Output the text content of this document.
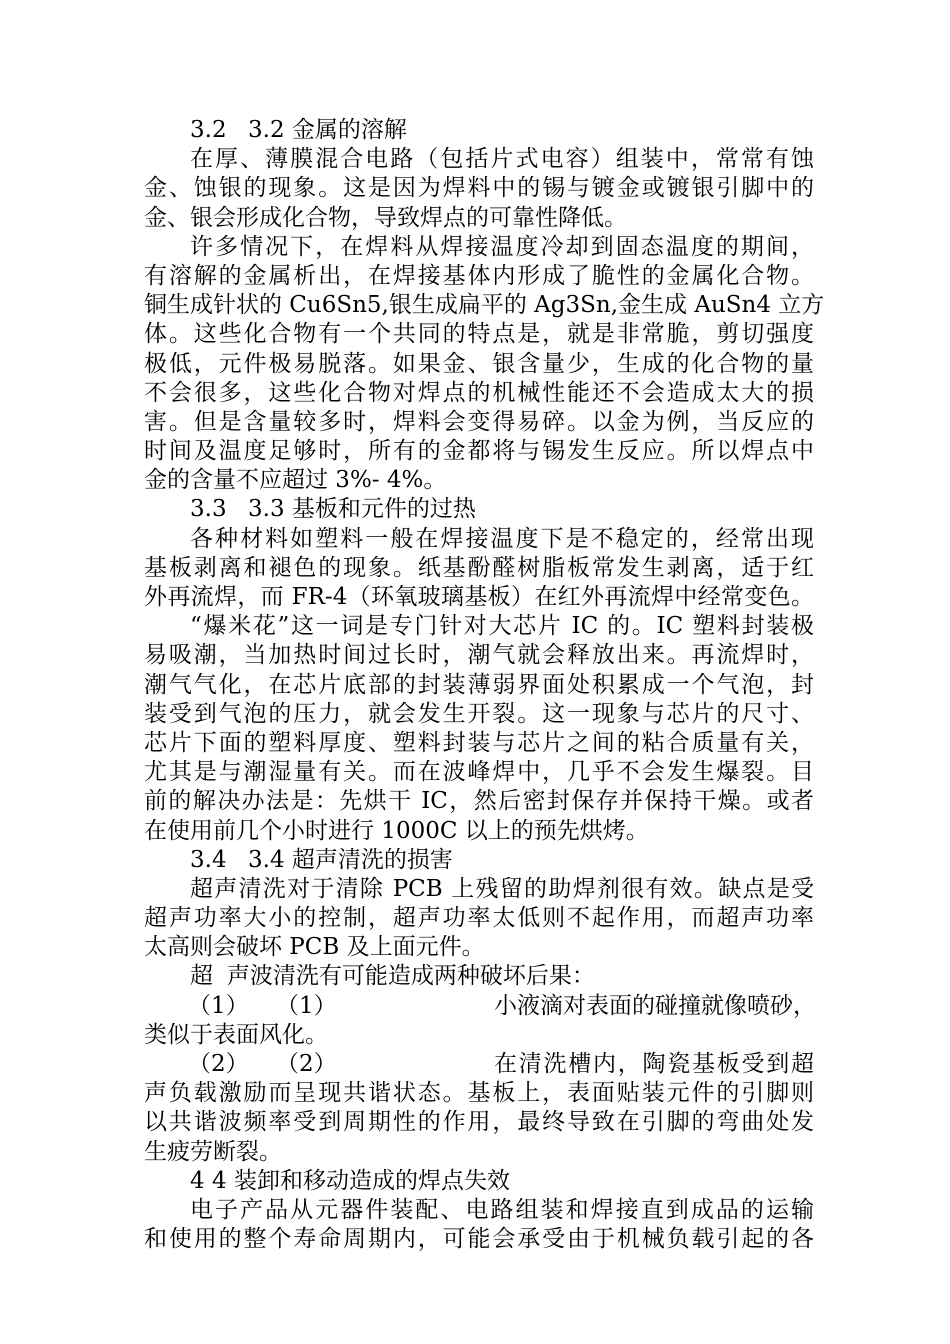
3.2 3.2 金属的溶解
在厚、薄膜混合电路（包括片式电容）组装中，常常有蚀
金、蚀银的现象。这是因为焊料中的锡与镀金或镀银引脚中的
金、银会形成化合物，导致焊点的可靠性降低。
许多情况下，在焊料从焊接温度冷却到固态温度的期间，
有溶解的金属析出，在焊接基体内形成了脆性的金属化合物。
铜生成针状的 Cu6Sn5,银生成扁平的 Ag3Sn,金生成 AuSn4 立方
体。这些化合物有一个共同的特点是，就是非常脆，剪切强度
极低，元件极易脱落。如果金、银含量少，生成的化合物的量
不会很多，这些化合物对焊点的机械性能还不会造成太大的损
害。但是含量较多时，焊料会变得易碎。以金为例，当反应的
时间及温度足够时，所有的金都将与锡发生反应。所以焊点中
金的含量不应超过 3%- 4%。
3.3 3.3 基板和元件的过热
各种材料如塑料一般在焊接温度下是不稳定的，经常出现
基板剥离和褪色的现象。纸基酚醛树脂板常发生剥离，适于红
外再流焊，而 FR-4（环氧玻璃基板）在红外再流焊中经常变色。
“爆米花”这一词是专门针对大芯片 IC 的。IC 塑料封装极
易吸潮，当加热时间过长时，潮气就会释放出来。再流焊时，
潮气气化，在芯片底部的封装薄弱界面处积累成一个气泡，封
装受到气泡的压力，就会发生开裂。这一现象与芯片的尺寸、
芯片下面的塑料厚度、塑料封装与芯片之间的粘合质量有关，
尤其是与潮湿量有关。而在波峰焊中，几乎不会发生爆裂。目
前的解决办法是：先烘干 IC，然后密封保存并保持干燥。或者
在使用前几个小时进行 1000C 以上的预先烘烤。
3.4 3.4 超声清洗的损害
超声清洗对于清除 PCB 上残留的助焊剂很有效。缺点是受
超声功率大小的控制，超声功率太低则不起作用，而超声功率
太高则会破坏 PCB 及上面元件。
超声波清洗有可能造成两种破坏后果：
（1） （1）	小液滴对表面的碰撞就像喷砂，
类似于表面风化。
（2） （2）	在清洗槽内，陶瓷基板受到超
声负载激励而呈现共谐状态。基板上，表面贴装元件的引脚则
以共谐波频率受到周期性的作用，最终导致在引脚的弯曲处发
生疲劳断裂。
4 4 装卸和移动造成的焊点失效
电子产品从元器件装配、电路组装和焊接直到成品的运输
和使用的整个寿命周期内，可能会承受由于机械负载引起的各
